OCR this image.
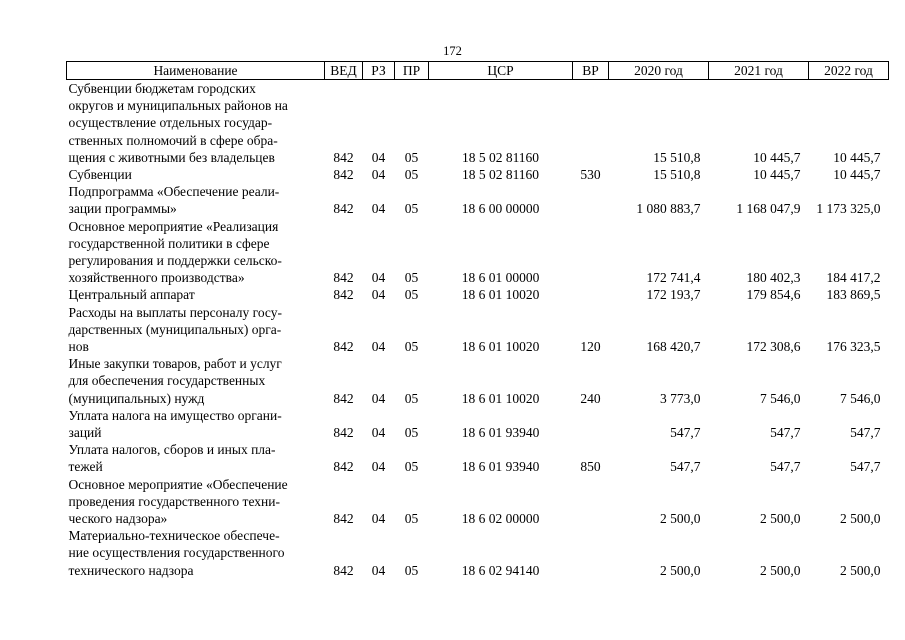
172
Наименование	ВЕД	РЗ	ПР	ЦСР	ВР	2020 год	2021 год	2022 год

Субвенции бюджетам городских
округов и муниципальных районов на
осуществление отдельных государ-
ственных полномочий в сфере обра-
щения с животными без владельцев	842	04	05	18 5 02 81160		15 510,8	10 445,7	10 445,7

Субвенции	842	04	05	18 5 02 81160	530	15 510,8	10 445,7	10 445,7

Подпрограмма «Обеспечение реали-
зации программы»	842	04	05	18 6 00 00000		1 080 883,7	1 168 047,9	1 173 325,0

Основное мероприятие «Реализация
государственной политики в сфере
регулирования и поддержки сельско-
хозяйственного производства»	842	04	05	18 6 01 00000		172 741,4	180 402,3	184 417,2

Центральный аппарат	842	04	05	18 6 01 10020		172 193,7	179 854,6	183 869,5

Расходы на выплаты персоналу госу-
дарственных (муниципальных) орга-
нов	842	04	05	18 6 01 10020	120	168 420,7	172 308,6	176 323,5

Иные закупки товаров, работ и услуг
для обеспечения государственных
(муниципальных) нужд	842	04	05	18 6 01 10020	240	3 773,0	7 546,0	7 546,0

Уплата налога на имущество органи-
заций	842	04	05	18 6 01 93940		547,7	547,7	547,7

Уплата налогов, сборов и иных пла-
тежей	842	04	05	18 6 01 93940	850	547,7	547,7	547,7

Основное мероприятие «Обеспечение
проведения государственного техни-
ческого надзора»	842	04	05	18 6 02 00000		2 500,0	2 500,0	2 500,0

Материально-техническое обеспече-
ние осуществления государственного
технического надзора	842	04	05	18 6 02 94140		2 500,0	2 500,0	2 500,0
